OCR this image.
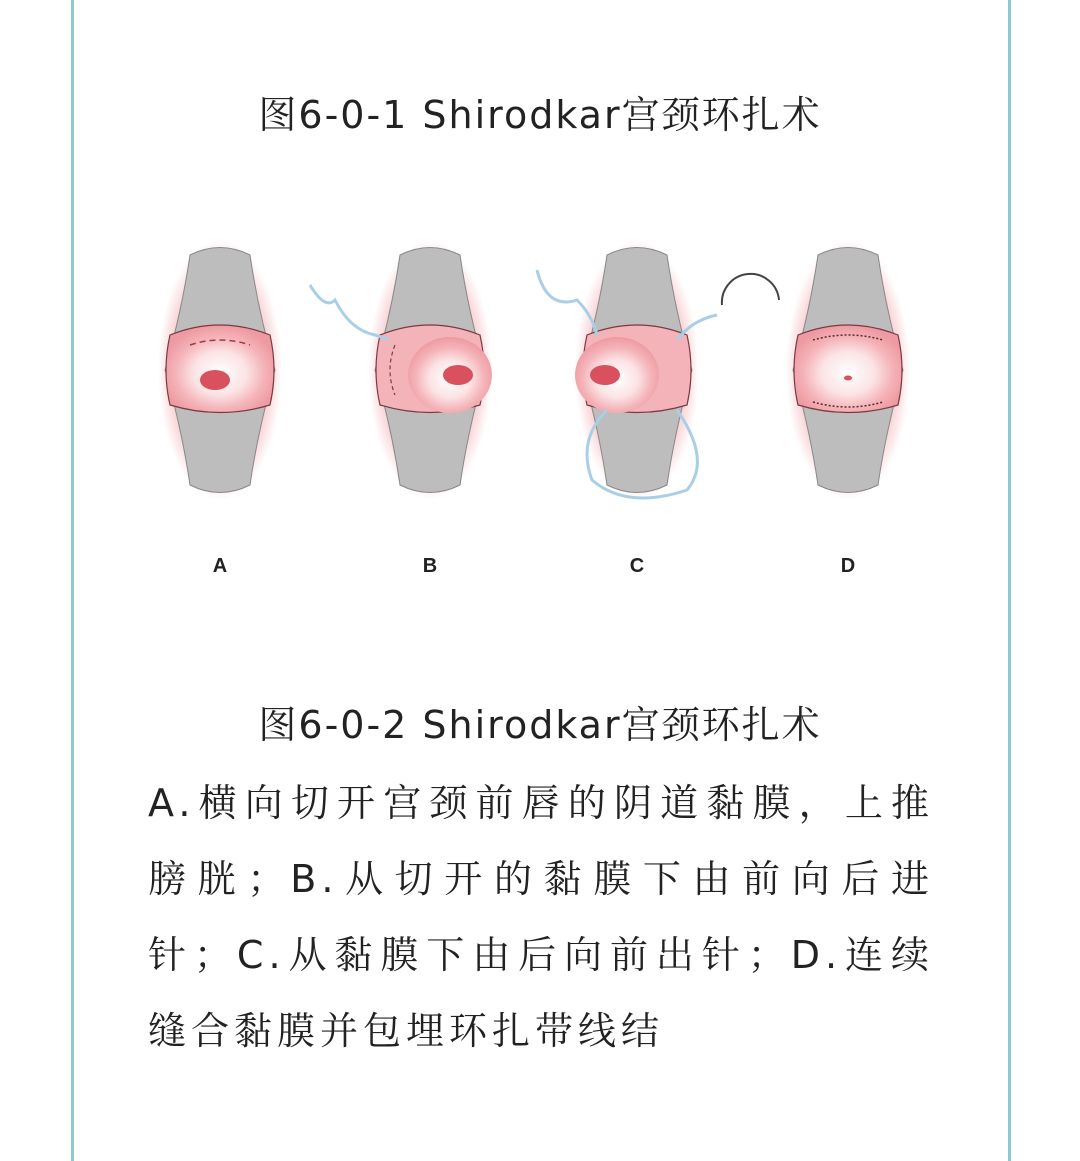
图6-0-1 Shirodkar宫颈环扎术
A	B	C	D
图6-0-2 Shirodkar宫颈环扎术
A.横向切开宫颈前唇的阴道黏膜，上推
膀胱；B.从切开的黏膜下由前向后进
针；C.从黏膜下由后向前出针；D.连续
缝合黏膜并包埋环扎带线结
